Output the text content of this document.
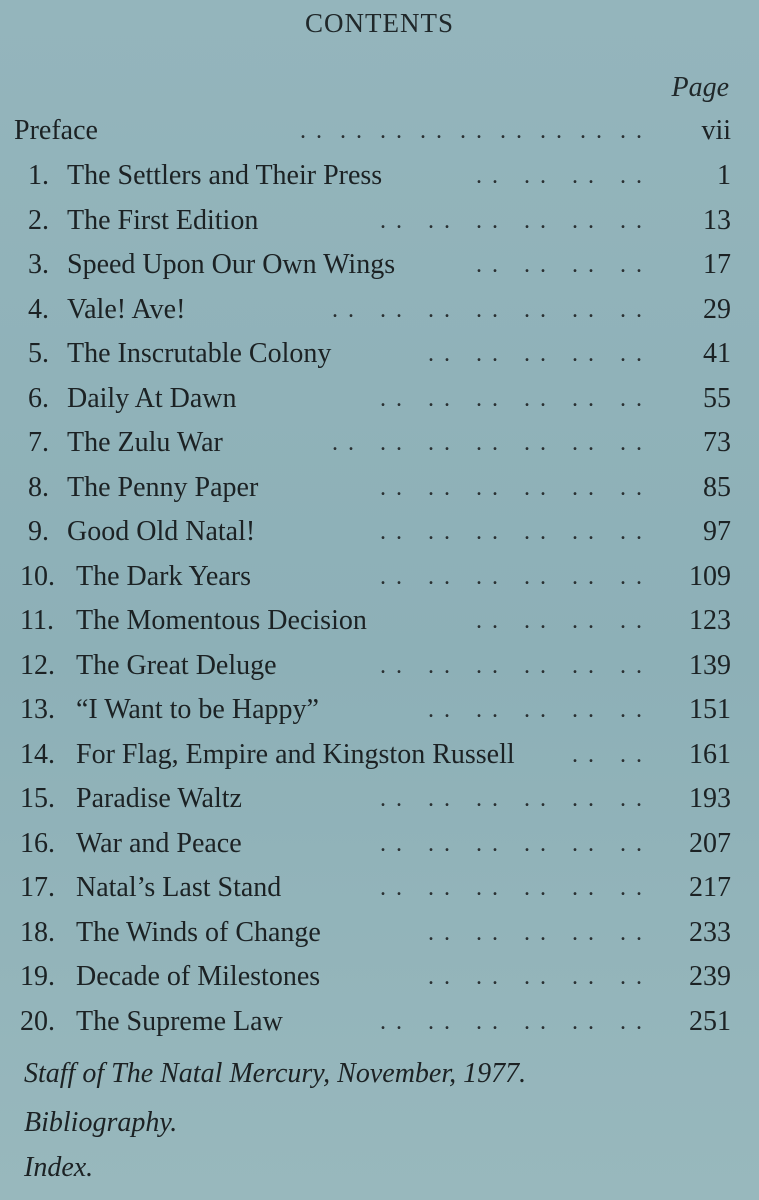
CONTENTS
Page
Preface	. .  . .  . .  . .  . .  . .  . .  . .  . . vii
1. The Settlers and Their Press	. .   . .   . .   . .	1
2. The First Edition	. .   . .   . .   . .   . .   . . 13
3. Speed Upon Our Own Wings	. .   . .   . .   . . 17
4. Vale! Ave!	. .   . .   . .   . .   . .   . .   . . 29
5. The Inscrutable Colony	. .   . .   . .   . .   . . 41
6. Daily At Dawn	. .   . .   . .   . .   . .   . . 55
7. The Zulu War	. .   . .   . .   . .   . .   . .   . . 73
8. The Penny Paper	. .   . .   . .   . .   . .   . . 85
9. Good Old Natal!	. .   . .   . .   . .   . .   . . 97
10. The Dark Years	. .   . .   . .   . .   . .   . . 109
11. The Momentous Decision	. .   . .   . .   . . 123
12. The Great Deluge	. .   . .   . .   . .   . .   . . 139
13. “I Want to be Happy”	. .   . .   . .   . .   . . 151
14. For Flag, Empire and Kingston Russell . .   . . 161
15. Paradise Waltz	. .   . .   . .   . .   . .   . . 193
16. War and Peace	. .   . .   . .   . .   . .   . . 207
17. Natal’s Last Stand	. .   . .   . .   . .   . .   . . 217
18. The Winds of Change	. .   . .   . .   . .   . . 233
19. Decade of Milestones	. .   . .   . .   . .   . . 239
20. The Supreme Law	. .   . .   . .   . .   . .   . . 251
Staff of The Natal Mercury, November, 1977.
Bibliography.
Index.
